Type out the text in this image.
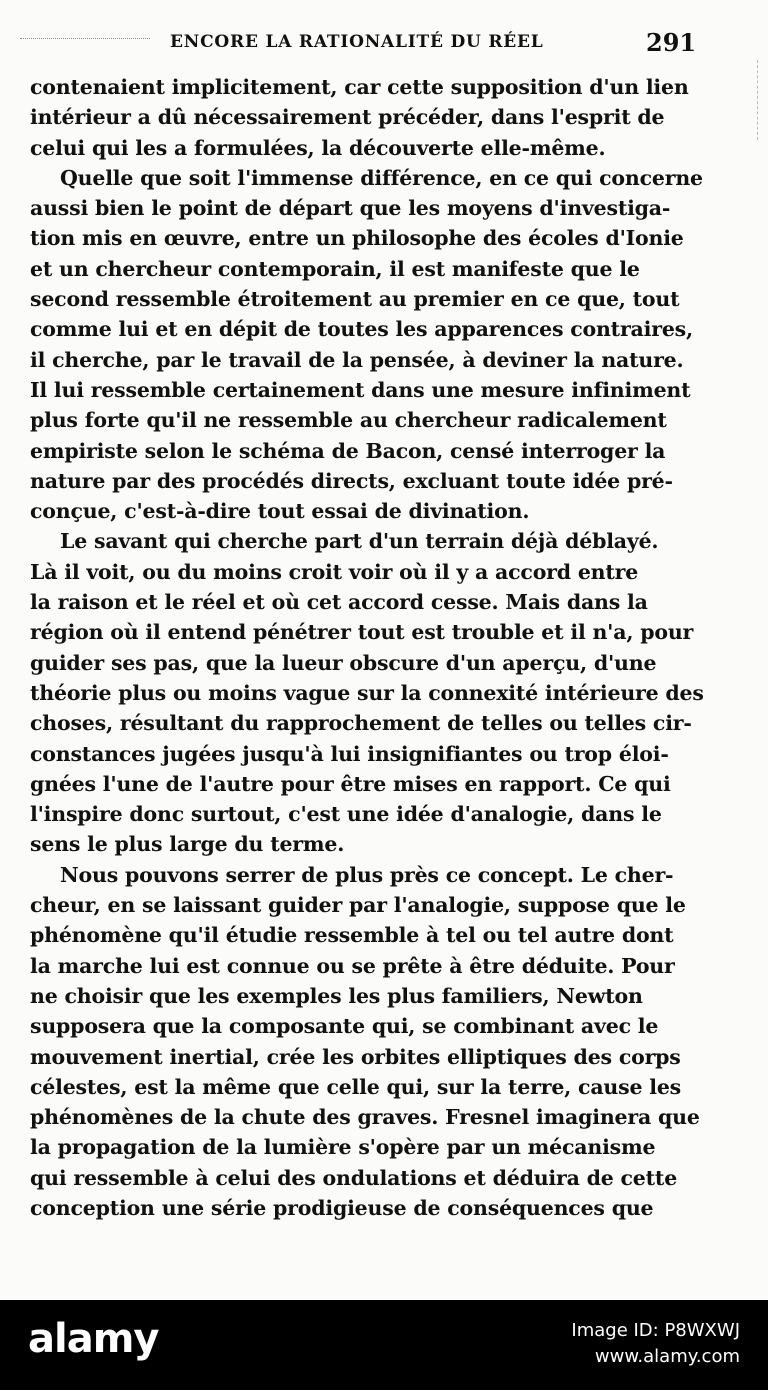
ENCORE LA RATIONALITÉ DU RÉEL	291
contenaient implicitement, car cette supposition d'un lien
intérieur a dû nécessairement précéder, dans l'esprit de
celui qui les a formulées, la découverte elle-même.
Quelle que soit l'immense différence, en ce qui concerne
aussi bien le point de départ que les moyens d'investiga-
tion mis en œuvre, entre un philosophe des écoles d'Ionie
et un chercheur contemporain, il est manifeste que le
second ressemble étroitement au premier en ce que, tout
comme lui et en dépit de toutes les apparences contraires,
il cherche, par le travail de la pensée, à deviner la nature.
Il lui ressemble certainement dans une mesure infiniment
plus forte qu'il ne ressemble au chercheur radicalement
empiriste selon le schéma de Bacon, censé interroger la
nature par des procédés directs, excluant toute idée pré-
conçue, c'est-à-dire tout essai de divination.
Le savant qui cherche part d'un terrain déjà déblayé.
Là il voit, ou du moins croit voir où il y a accord entre
la raison et le réel et où cet accord cesse. Mais dans la
région où il entend pénétrer tout est trouble et il n'a, pour
guider ses pas, que la lueur obscure d'un aperçu, d'une
théorie plus ou moins vague sur la connexité intérieure des
choses, résultant du rapprochement de telles ou telles cir-
constances jugées jusqu'à lui insignifiantes ou trop éloi-
gnées l'une de l'autre pour être mises en rapport. Ce qui
l'inspire donc surtout, c'est une idée d'analogie, dans le
sens le plus large du terme.
Nous pouvons serrer de plus près ce concept. Le cher-
cheur, en se laissant guider par l'analogie, suppose que le
phénomène qu'il étudie ressemble à tel ou tel autre dont
la marche lui est connue ou se prête à être déduite. Pour
ne choisir que les exemples les plus familiers, Newton
supposera que la composante qui, se combinant avec le
mouvement inertial, crée les orbites elliptiques des corps
célestes, est la même que celle qui, sur la terre, cause les
phénomènes de la chute des graves. Fresnel imaginera que
la propagation de la lumière s'opère par un mécanisme
qui ressemble à celui des ondulations et déduira de cette
conception une série prodigieuse de conséquences que
alamy	Image ID: P8WXWJ
www.alamy.com
